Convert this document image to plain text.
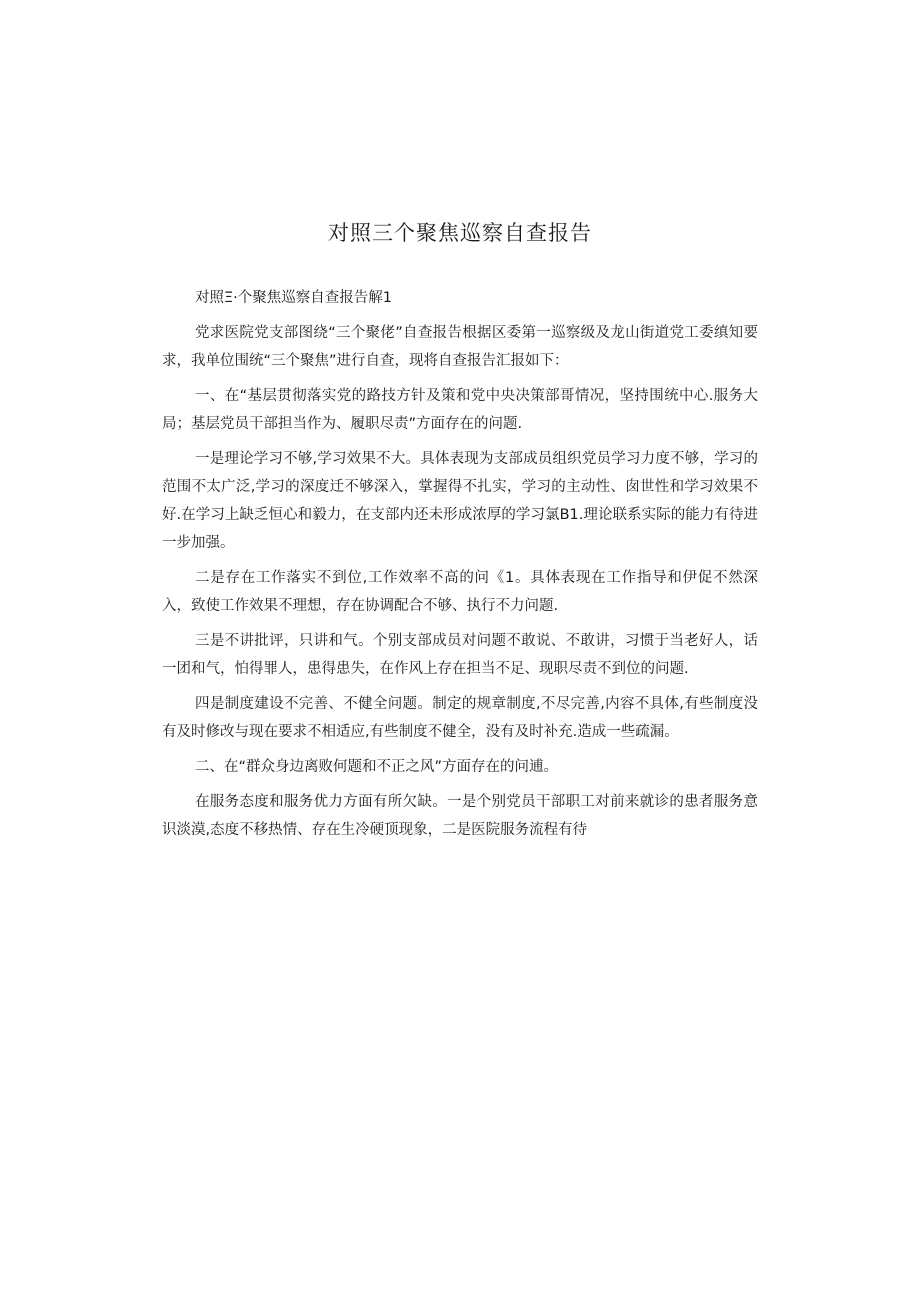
对照三个聚焦巡察自查报告

对照Ξ·个聚焦巡察自查报告解1

党求医院党支部图绕“三个聚佬”自查报告根据区委第一巡察级及龙山街道党工委缜知要求，我单位围统“三个聚焦”进行自查，现将自查报告汇报如下：

一、在“基层贯彻落实党的路技方针及策和党中央决策部哥情况，坚持围统中心.服务大局；基层党员干部担当作为、履职尽责”方面存在的问题.

一是理论学习不够,学习效果不大。具体表现为支部成员组织党员学习力度不够，学习的范围不太广泛,学习的深度迁不够深入，掌握得不扎实，学习的主动性、囱世性和学习效果不好.在学习上缺乏恒心和毅力，在支部内还未形成浓厚的学习氯B1.理论联系实际的能力有待进一步加强。

二是存在工作落实不到位,工作效率不高的问《1。具体表现在工作指导和伊促不然深入，致使工作效果不理想，存在协调配合不够、执行不力问题.

三是不讲批评，只讲和气。个别支部成员对问题不敢说、不敢讲，习惯于当老好人，话一团和气，怕得罪人，患得患失，在作风上存在担当不足、现职尽责不到位的问题.

四是制度建设不完善、不健全问题。制定的规章制度,不尽完善,内容不具体,有些制度没有及时修改与现在要求不相适应,有些制度不健全，没有及时补充.造成一些疏漏。

二、在“群众身边离败何题和不正之风”方面存在的问逋。

在服务态度和服务优力方面有所欠缺。一是个别党员干部职工对前来就诊的患者服务意识淡漠,态度不移热情、存在生冷硬顶现象，二是医院服务流程有待
